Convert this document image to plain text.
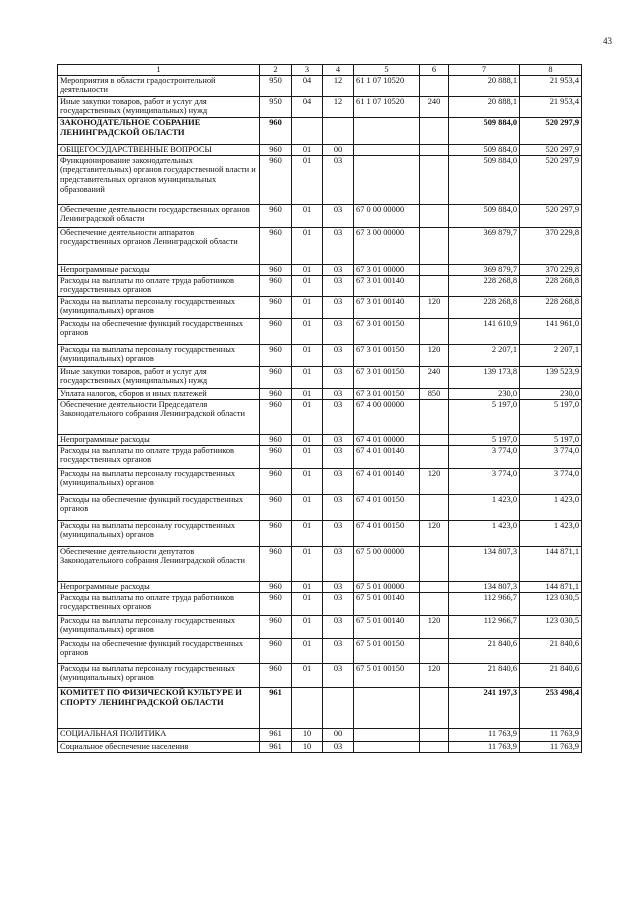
43
1	2	3	4	5	6	7	8
Мероприятия в области градостроительной деятельности	950	04	12	61 1 07 10520		20 888,1	21 953,4
Иные закупки товаров, работ и услуг для государственных (муниципальных) нужд	950	04	12	61 1 07 10520	240	20 888,1	21 953,4
ЗАКОНОДАТЕЛЬНОЕ СОБРАНИЕ ЛЕНИНГРАДСКОЙ ОБЛАСТИ	960					509 884,0	520 297,9
ОБЩЕГОСУДАРСТВЕННЫЕ ВОПРОСЫ	960	01	00			509 884,0	520 297,9
Функционирование законодательных (представительных) органов государственной власти и представительных органов муниципальных образований	960	01	03			509 884,0	520 297,9
Обеспечение деятельности государственных органов Ленинградской области	960	01	03	67 0 00 00000		509 884,0	520 297,9
Обеспечение деятельности аппаратов государственных органов Ленинградской области	960	01	03	67 3 00 00000		369 879,7	370 229,8
Непрограммные расходы	960	01	03	67 3 01 00000		369 879,7	370 229,8
Расходы на выплаты по оплате труда работников государственных органов	960	01	03	67 3 01 00140		228 268,8	228 268,8
Расходы на выплаты персоналу государственных (муниципальных) органов	960	01	03	67 3 01 00140	120	228 268,8	228 268,8
Расходы на обеспечение функций государственных органов	960	01	03	67 3 01 00150		141 610,9	141 961,0
Расходы на выплаты персоналу государственных (муниципальных) органов	960	01	03	67 3 01 00150	120	2 207,1	2 207,1
Иные закупки товаров, работ и услуг для государственных (муниципальных) нужд	960	01	03	67 3 01 00150	240	139 173,8	139 523,9
Уплата налогов, сборов и иных платежей	960	01	03	67 3 01 00150	850	230,0	230,0
Обеспечение деятельности Председателя Законодательного собрания Ленинградской области	960	01	03	67 4 00 00000		5 197,0	5 197,0
Непрограммные расходы	960	01	03	67 4 01 00000		5 197,0	5 197,0
Расходы на выплаты по оплате труда работников государственных органов	960	01	03	67 4 01 00140		3 774,0	3 774,0
Расходы на выплаты персоналу государственных (муниципальных) органов	960	01	03	67 4 01 00140	120	3 774,0	3 774,0
Расходы на обеспечение функций государственных органов	960	01	03	67 4 01 00150		1 423,0	1 423,0
Расходы на выплаты персоналу государственных (муниципальных) органов	960	01	03	67 4 01 00150	120	1 423,0	1 423,0
Обеспечение деятельности депутатов Законодательного собрания Ленинградской области	960	01	03	67 5 00 00000		134 807,3	144 871,1
Непрограммные расходы	960	01	03	67 5 01 00000		134 807,3	144 871,1
Расходы на выплаты по оплате труда работников государственных органов	960	01	03	67 5 01 00140		112 966,7	123 030,5
Расходы на выплаты персоналу государственных (муниципальных) органов	960	01	03	67 5 01 00140	120	112 966,7	123 030,5
Расходы на обеспечение функций государственных органов	960	01	03	67 5 01 00150		21 840,6	21 840,6
Расходы на выплаты персоналу государственных (муниципальных) органов	960	01	03	67 5 01 00150	120	21 840,6	21 840,6
КОМИТЕТ ПО ФИЗИЧЕСКОЙ КУЛЬТУРЕ И СПОРТУ ЛЕНИНГРАДСКОЙ ОБЛАСТИ	961					241 197,3	253 498,4
СОЦИАЛЬНАЯ ПОЛИТИКА	961	10	00			11 763,9	11 763,9
Социальное обеспечение населения	961	10	03			11 763,9	11 763,9
